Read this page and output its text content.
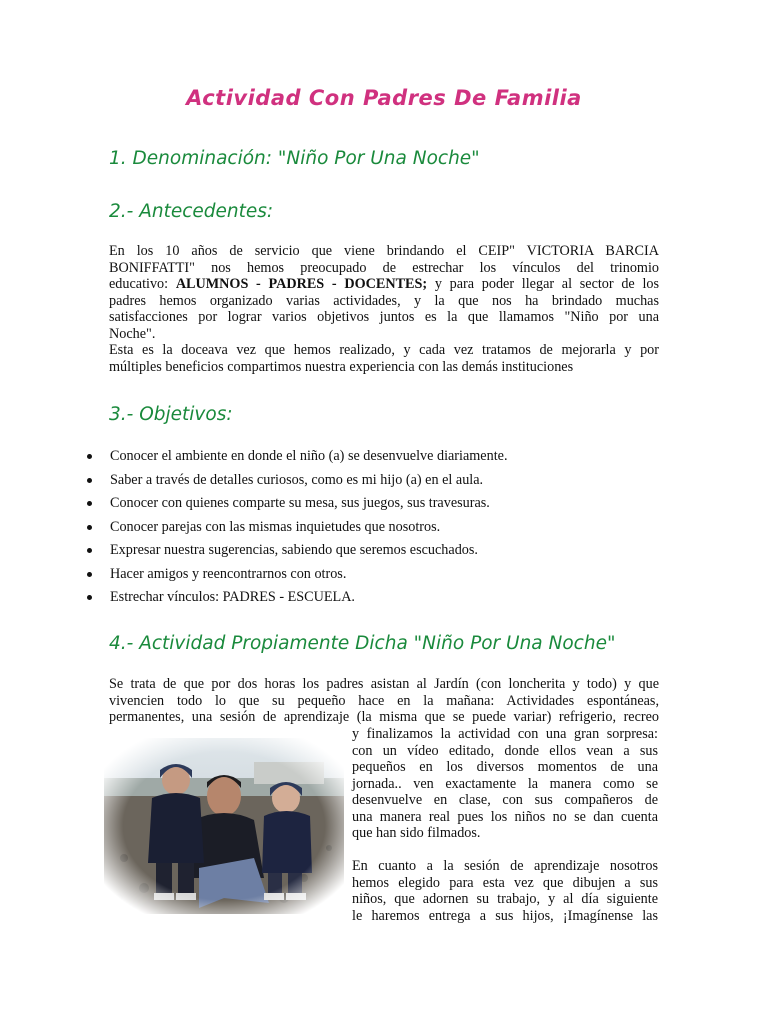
Actividad Con Padres De Familia
1. Denominación: "Niño Por Una Noche"
2.- Antecedentes:
En los 10 años de servicio que viene brindando el CEIP" VICTORIA BARCIA
BONIFFATTI" nos hemos preocupado de estrechar los vínculos del trinomio
educativo: ALUMNOS - PADRES - DOCENTES; y para poder llegar al sector de los
padres hemos organizado varias actividades, y la que nos ha brindado muchas
satisfacciones por lograr varios objetivos juntos es la que llamamos "Niño por una
Noche".
Esta es la doceava vez que hemos realizado, y cada vez tratamos de mejorarla y por
múltiples beneficios compartimos nuestra experiencia con las demás instituciones
3.- Objetivos:
Conocer el ambiente en donde el niño (a) se desenvuelve diariamente.
Saber a través de detalles curiosos, como es mi hijo (a) en el aula.
Conocer con quienes comparte su mesa, sus juegos, sus travesuras.
Conocer parejas con las mismas inquietudes que nosotros.
Expresar nuestra sugerencias, sabiendo que seremos escuchados.
Hacer amigos y reencontrarnos con otros.
Estrechar vínculos: PADRES - ESCUELA.
4.- Actividad Propiamente Dicha "Niño Por Una Noche"
Se trata de que por dos horas los padres asistan al Jardín (con loncherita y todo) y que
vivencien todo lo que su pequeño hace en la mañana: Actividades espontáneas,
permanentes, una sesión de aprendizaje (la misma que se puede variar) refrigerio, recreo
y finalizamos la actividad con una gran sorpresa:
con un vídeo editado, donde ellos vean a sus
pequeños en los diversos momentos de una
jornada.. ven exactamente la manera como se
desenvuelve en clase, con sus compañeros de
una manera real pues los niños no se dan cuenta
que han sido filmados.
En cuanto a la sesión de aprendizaje nosotros
hemos elegido para esta vez que dibujen a sus
niños, que adornen su trabajo, y al día siguiente
le haremos entrega a sus hijos, ¡Imagínense las
